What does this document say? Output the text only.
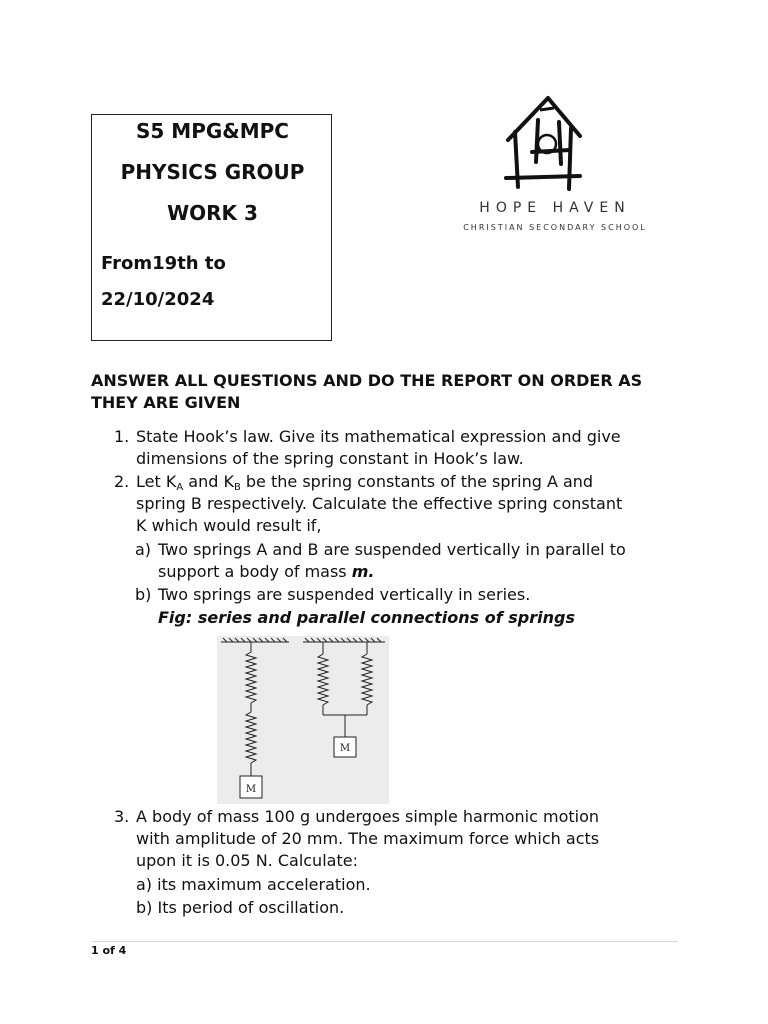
S5 MPG&MPC
PHYSICS GROUP
WORK 3
From19th to
22/10/2024
HOPE HAVEN
CHRISTIAN SECONDARY SCHOOL
ANSWER ALL QUESTIONS AND DO THE REPORT ON ORDER AS THEY ARE GIVEN
1. State Hook’s law. Give its mathematical expression and give
dimensions of the spring constant in Hook’s law.
2. Let $K_A$ and $K_B$ be the spring constants of the spring A and
spring B respectively. Calculate the effective spring constant
K which would result if,
a) Two springs A and B are suspended vertically in parallel to
support a body of mass m.
b) Two springs are suspended vertically in series.
Fig: series and parallel connections of springs
M
M
3. A body of mass 100 g undergoes simple harmonic motion
with amplitude of 20 mm. The maximum force which acts
upon it is 0.05 N. Calculate:
a) its maximum acceleration.
b) Its period of oscillation.
1 of 4
